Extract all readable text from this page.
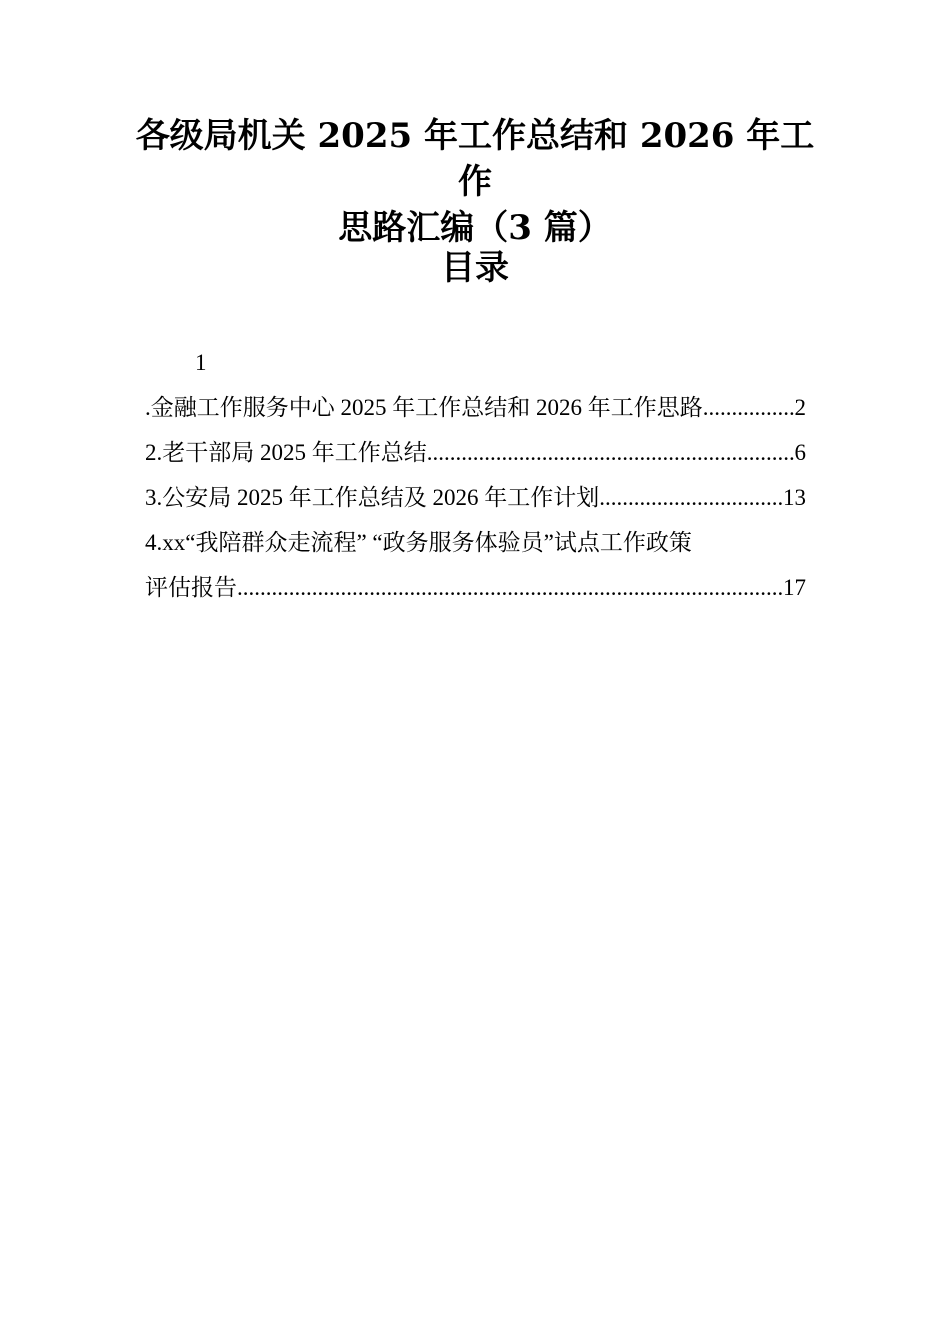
各级局机关 2025 年工作总结和 2026 年工作
思路汇编（3 篇）
目录
1
.金融工作服务中心 2025 年工作总结和 2026 年工作思路 .....	2
2.老干部局 2025 年工作总结 .....	6
3.公安局 2025 年工作总结及 2026 年工作计划 .....	13
4.xx“我陪群众走流程” “政务服务体验员”试点工作政策
评估报告 .....	17
